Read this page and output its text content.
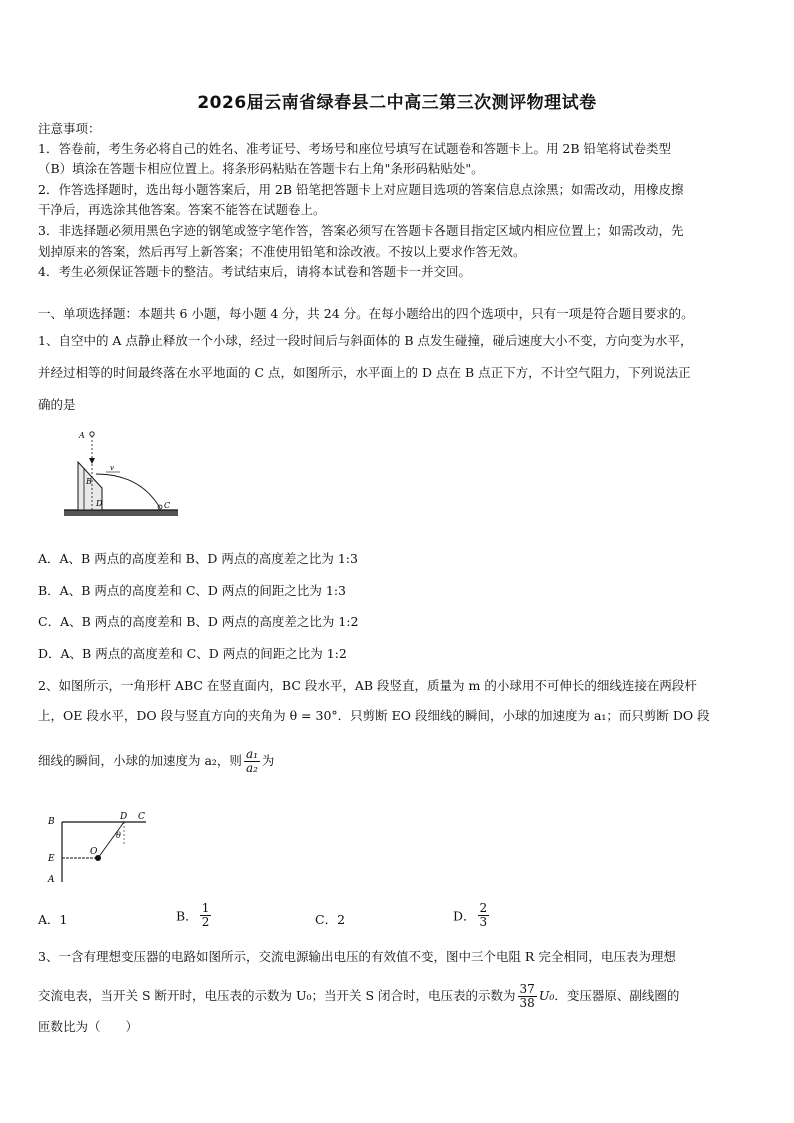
2026届云南省绿春县二中高三第三次测评物理试卷
注意事项：
1．答卷前，考生务必将自己的姓名、准考证号、考场号和座位号填写在试题卷和答题卡上。用 2B 铅笔将试卷类型
（B）填涂在答题卡相应位置上。将条形码粘贴在答题卡右上角"条形码粘贴处"。
2．作答选择题时，选出每小题答案后，用 2B 铅笔把答题卡上对应题目选项的答案信息点涂黑；如需改动，用橡皮擦
干净后，再选涂其他答案。答案不能答在试题卷上。
3．非选择题必须用黑色字迹的钢笔或签字笔作答，答案必须写在答题卡各题目指定区域内相应位置上；如需改动，先
划掉原来的答案，然后再写上新答案；不准使用铅笔和涂改液。不按以上要求作答无效。
4．考生必须保证答题卡的整洁。考试结束后，请将本试卷和答题卡一并交回。
一、单项选择题：本题共 6 小题，每小题 4 分，共 24 分。在每小题给出的四个选项中，只有一项是符合题目要求的。
1、自空中的 A 点静止释放一个小球，经过一段时间后与斜面体的 B 点发生碰撞，碰后速度大小不变，方向变为水平，
并经过相等的时间最终落在水平地面的 C 点，如图所示，水平面上的 D 点在 B 点正下方，不计空气阻力，下列说法正
确的是
A
B
v
C
D
A．A、B 两点的高度差和 B、D 两点的高度差之比为 1:3
B．A、B 两点的高度差和 C、D 两点的间距之比为 1:3
C．A、B 两点的高度差和 B、D 两点的高度差之比为 1:2
D．A、B 两点的高度差和 C、D 两点的间距之比为 1:2
2、如图所示，一角形杆 ABC 在竖直面内，BC 段水平，AB 段竖直，质量为 m 的小球用不可伸长的细线连接在两段杆
上，OE 段水平，DO 段与竖直方向的夹角为 θ = 30°．只剪断 EO 段细线的瞬间，小球的加速度为 a₁；而只剪断 DO 段
细线的瞬间，小球的加速度为 a₂，则 $\frac{\text{a₁}}{\text{a₂}}$ 为
B	D C
θ
E
O
A
A．1	B． $\frac{1}{2}$	C．2	D． $\frac{2}{3}$
3、一含有理想变压器的电路如图所示，交流电源输出电压的有效值不变，图中三个电阻 R 完全相同，电压表为理想
交流电表，当开关 S 断开时，电压表的示数为 U₀；当开关 S 闭合时，电压表的示数为 $\frac{37}{38} U_0$．变压器原、副线圈的
匝数比为（　　）
